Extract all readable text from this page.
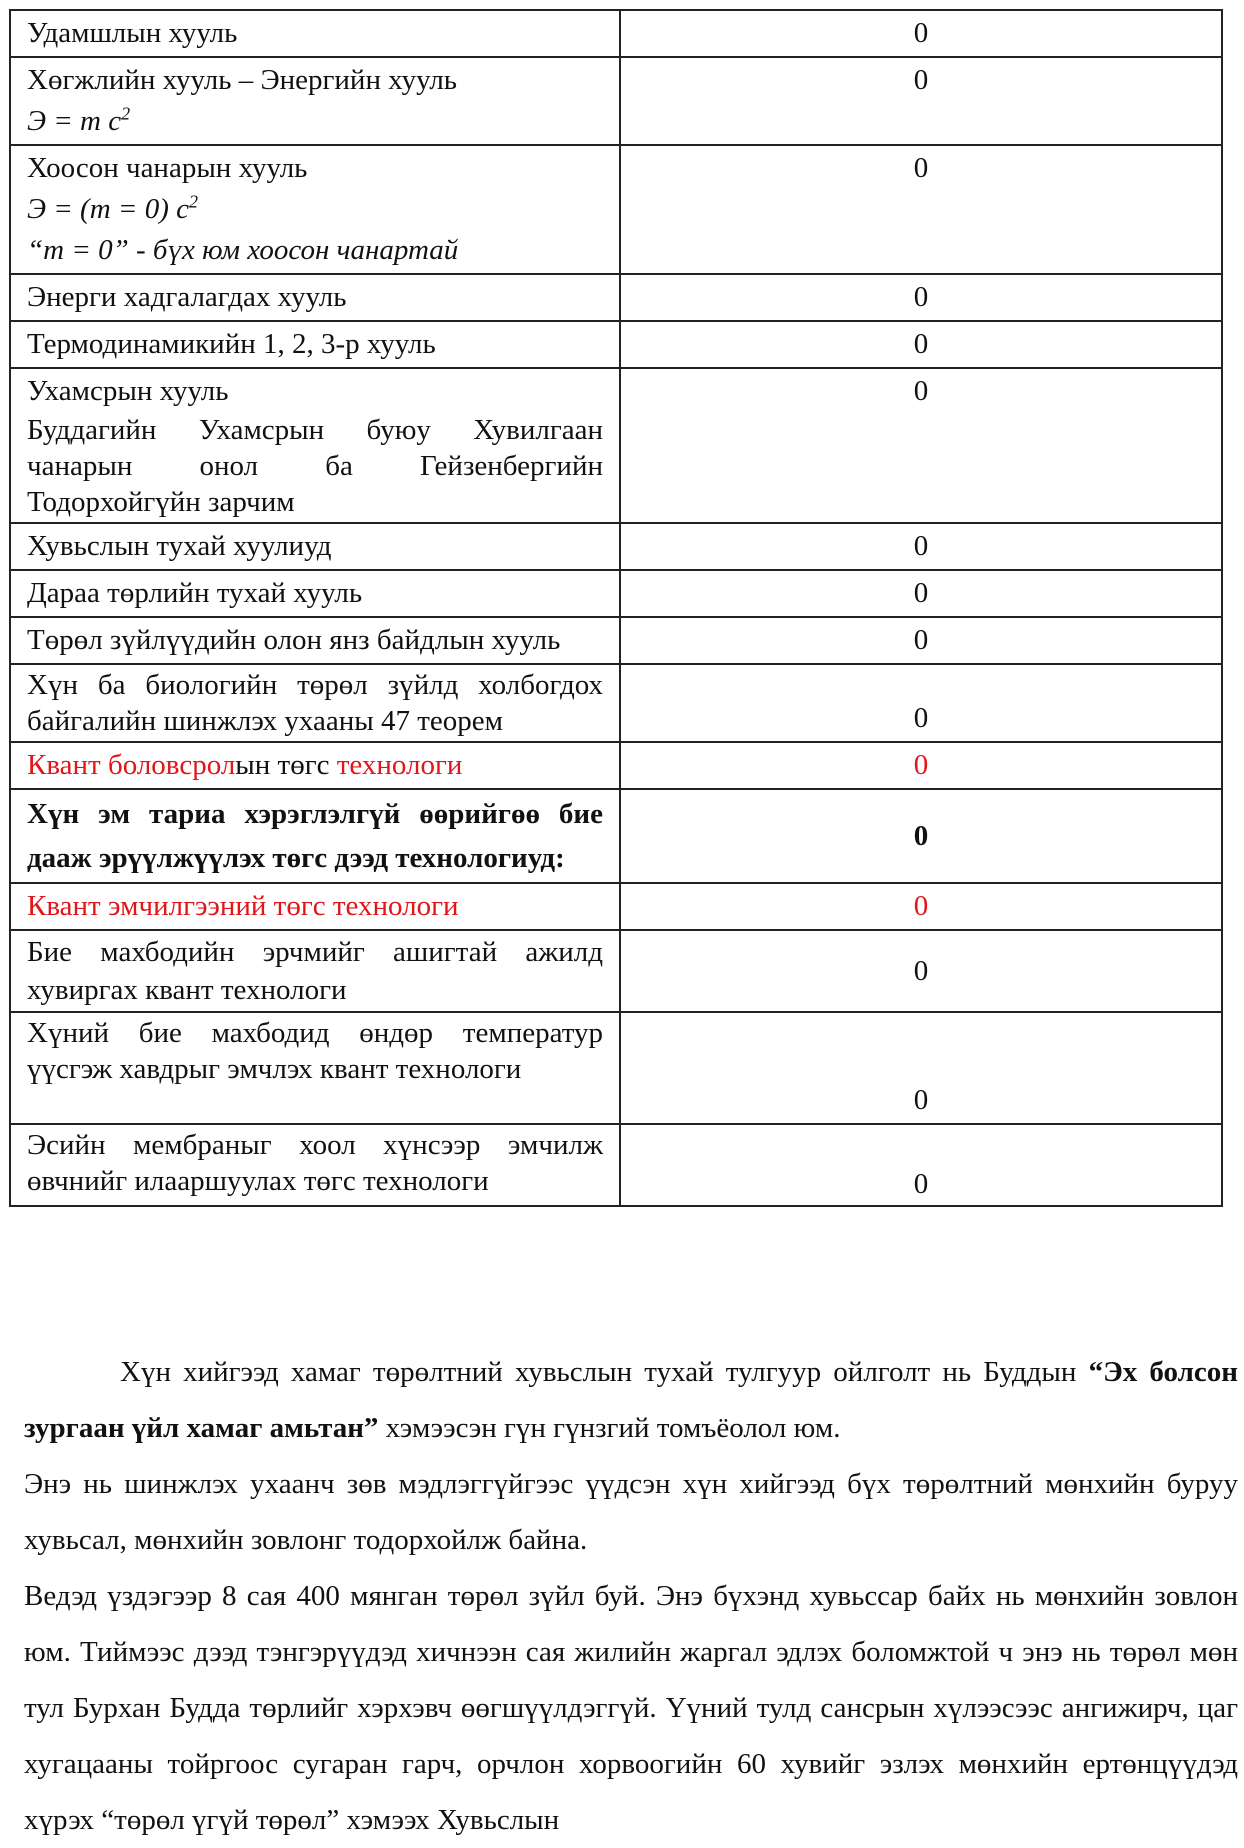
Удамшлын хууль	0

Хөгжлийн хууль – Энергийн хууль
Э = m $c^2$	0

Хоосон чанарын хууль
Э = (m = 0) $c^2$
“m = 0” - бүх юм хоосон чанартай	0

Энерги хадгалагдах хууль	0

Термодинамикийн 1, 2, 3-р хууль	0

Ухамсрын хууль
Буддагийн Ухамсрын буюу Хувилгаан чанарын онол ба Гейзенбергийн Тодорхойгүйн зарчим	0

Хувьслын тухай хуулиуд	0

Дараа төрлийн тухай хууль	0

Төрөл зүйлүүдийн олон янз байдлын хууль	0

Хүн ба биологийн төрөл зүйлд холбогдох байгалийн шинжлэх ухааны 47 теорем	0
Квант боловсролын төгс технологи	0

Хүн эм тариа хэрэглэлгүй өөрийгөө бие дааж эрүүлжүүлэх төгс дээд технологиуд:	0

Квант эмчилгээний төгс технологи	0

Бие махбодийн эрчмийг ашигтай ажилд хувиргах квант технологи	0

Хүний бие махбодид өндөр температур үүсгэж хавдрыг эмчлэх квант технологи	0

Эсийн мембраныг хоол хүнсээр эмчилж өвчнийг илааршуулах төгс технологи	0

Хүн хийгээд хамаг төрөлтний хувьслын тухай тулгуур ойлголт нь Буддын “Эх болсон зургаан үйл хамаг амьтан” хэмээсэн гүн гүнзгий томъёолол юм.

Энэ нь шинжлэх ухаанч зөв мэдлэггүйгээс үүдсэн хүн хийгээд бүх төрөлтний мөнхийн буруу хувьсал, мөнхийн зовлонг тодорхойлж байна.

Ведэд үздэгээр 8 сая 400 мянган төрөл зүйл буй. Энэ бүхэнд хувьссар байх нь мөнхийн зовлон юм. Тиймээс дээд тэнгэрүүдэд хичнээн сая жилийн жаргал эдлэх боломжтой ч энэ нь төрөл мөн тул Бурхан Будда төрлийг хэрхэвч өөгшүүлдэггүй. Үүний тулд сансрын хүлээсээс ангижирч, цаг хугацааны тойргоос сугаран гарч, орчлон хорвоогийн 60 хувийг эзлэх мөнхийн ертөнцүүдэд хүрэх “төрөл үгүй төрөл” хэмээх Хувьслын
